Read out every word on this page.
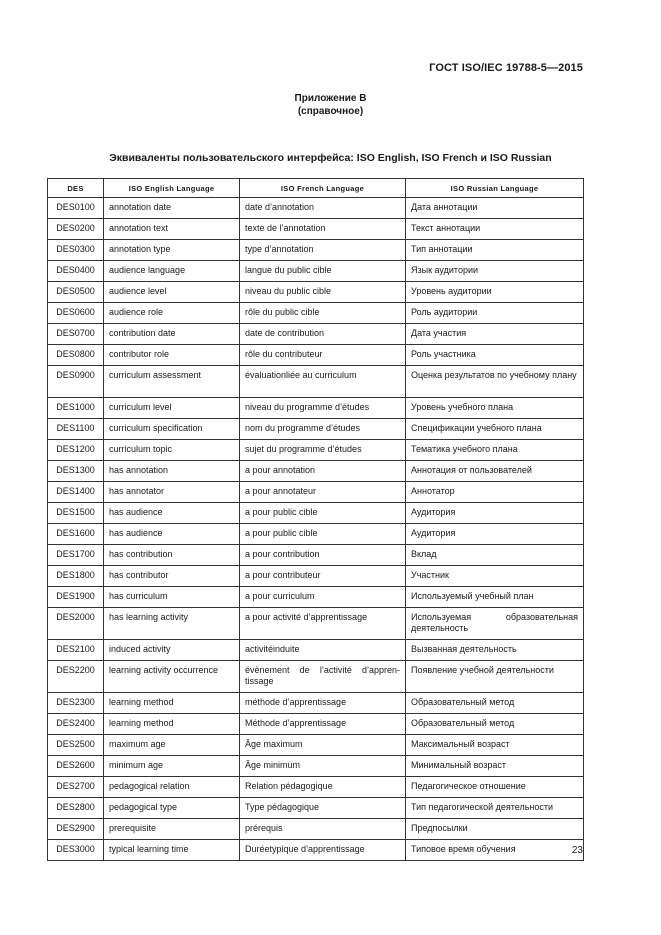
ГОСТ ISO/IEC 19788-5—2015
Приложение В
(справочное)
Эквиваленты пользовательского интерфейса: ISO English, ISO French и ISO Russian
DES	ISO English Language	ISO French Language	ISO Russian Language
DES0100	annotation date	date d’annotation	Дата аннотации
DES0200	annotation text	texte de l’annotation	Текст аннотации
DES0300	annotation type	type d’annotation	Тип аннотации
DES0400	audience language	langue du public cible	Язык аудитории
DES0500	audience level	niveau du public cible	Уровень аудитории
DES0600	audience role	rôle du public cible	Роль аудитории
DES0700	contribution date	date de contribution	Дата участия
DES0800	contributor role	rôle du contributeur	Роль участника
DES0900	curriculum assessment	évaluationliée au curriculum	Оценка результатов по учебному плану
DES1000	curriculum level	niveau du programme d’études	Уровень учебного плана
DES1100	curriculum specification	nom du programme d’études	Спецификации учебного плана
DES1200	curriculum topic	sujet du programme d’études	Тематика учебного плана
DES1300	has annotation	a pour annotation	Аннотация от пользователей
DES1400	has annotator	a pour annotateur	Аннотатор
DES1500	has audience	a pour public cible	Аудитория
DES1600	has audience	a pour public cible	Аудитория
DES1700	has contribution	a pour contribution	Вклад
DES1800	has contributor	a pour contributeur	Участник
DES1900	has curriculum	a pour curriculum	Используемый учебный план
DES2000	has learning activity	a pour activité d’apprentissage	Используемая образовательная деятельность
DES2100	induced activity	activitéinduite	Вызванная деятельность
DES2200	learning activity occurrence	évènement de l’activité d’appren-tissage	Появление учебной деятельности
DES2300	learning method	méthode d’apprentissage	Образовательный метод
DES2400	learning method	Méthode d’apprentissage	Образовательный метод
DES2500	maximum age	Âge maximum	Максимальный возраст
DES2600	minimum age	Âge minimum	Минимальный возраст
DES2700	pedagogical relation	Relation pédagogique	Педагогическое отношение
DES2800	pedagogical type	Type pédagogique	Тип педагогической деятельности
DES2900	prerequisite	prérequis	Предпосылки
DES3000	typical learning time	Duréetypique d’apprentissage	Типовое время обучения	23
